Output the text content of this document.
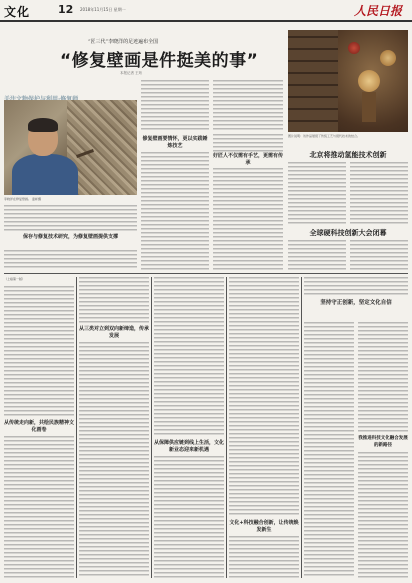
文化	12 2018年11月15日 星期一	人民日报
“匠三代”李晓洋的足迹遍布全国
“修复壁画是件挺美的事”
本报记者 王珩
李晓洋在修复壁画。 童彬摄
图片说明：该作品展现了传统工艺与现代技术的结合。
修复壁画要情怀，更以实践锤炼技艺
好匠人不仅需有手艺，更需有传承
保存与修复技术研究，为修复壁画提供支撑
北京将推动氢能技术创新
全球硬科技创新大会闭幕
（上接第一版）
从传统走向新，共绘民族精神文化画卷
从三类对立到双向新缔造，传承发展
从保障供应链到线上生活，文化新业态迎来新机遇
文化+科技融合创新，让传统焕发新生
坚持守正创新，坚定文化自信
我推进科技文化融合发展的新路径
